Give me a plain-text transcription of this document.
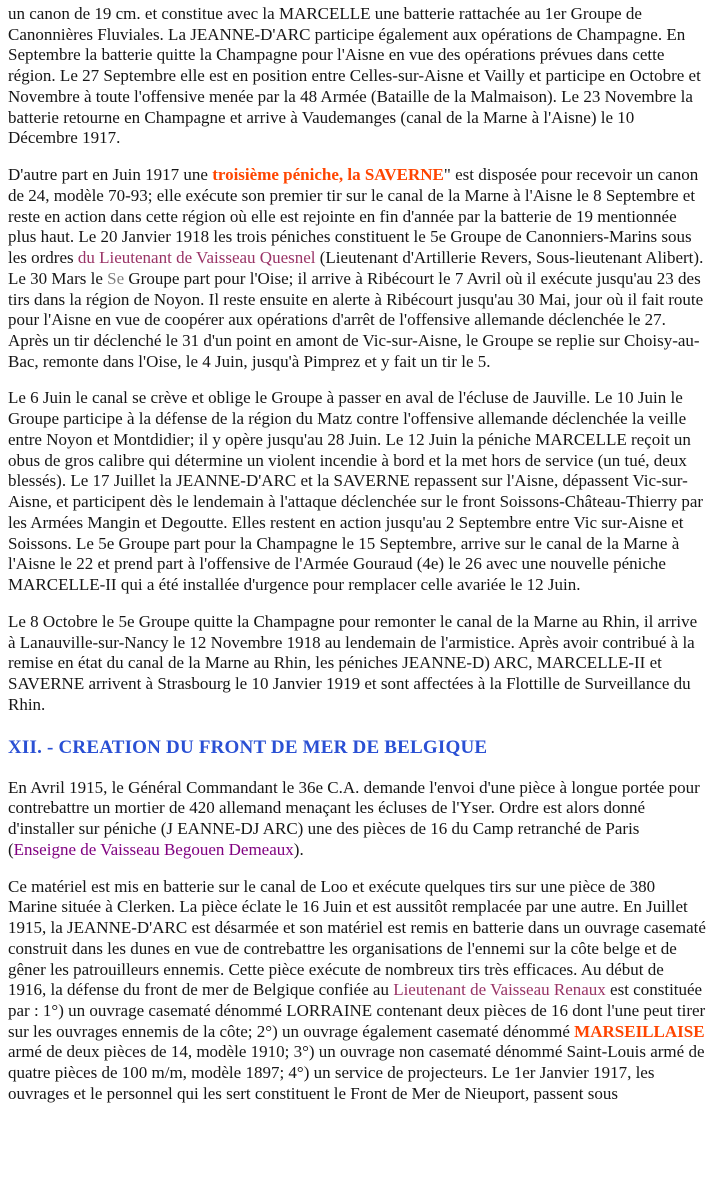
un canon de 19 cm. et constitue avec la MARCELLE une batterie rattachée au 1er Groupe de Canonnières Fluviales. La JEANNE-D'ARC participe également aux opérations de Champagne. En Septembre la batterie quitte la Champagne pour l'Aisne en vue des opérations prévues dans cette région. Le 27 Septembre elle est en position entre Celles-sur-Aisne et Vailly et participe en Octobre et Novembre à toute l'offensive menée par la 48 Armée (Bataille de la Malmaison). Le 23 Novembre la batterie retourne en Champagne et arrive à Vaudemanges (canal de la Marne à l'Aisne) le 10 Décembre 1917.

D'autre part en Juin 1917 une troisième péniche, la SAVERNE" est disposée pour recevoir un canon de 24, modèle 70-93; elle exécute son premier tir sur le canal de la Marne à l'Aisne le 8 Septembre et reste en action dans cette région où elle est rejointe en fin d'année par la batterie de 19 mentionnée plus haut. Le 20 Janvier 1918 les trois péniches constituent le 5e Groupe de Canonniers-Marins sous les ordres du Lieutenant de Vaisseau Quesnel (Lieutenant d'Artillerie Revers, Sous-lieutenant Alibert). Le 30 Mars le Se Groupe part pour l'Oise; il arrive à Ribécourt le 7 Avril où il exécute jusqu'au 23 des tirs dans la région de Noyon. Il reste ensuite en alerte à Ribécourt jusqu'au 30 Mai, jour où il fait route pour l'Aisne en vue de coopérer aux opérations d'arrêt de l'offensive allemande déclenchée le 27. Après un tir déclenché le 31 d'un point en amont de Vic-sur-Aisne, le Groupe se replie sur Choisy-au-Bac, remonte dans l'Oise, le 4 Juin, jusqu'à Pimprez et y fait un tir le 5.

Le 6 Juin le canal se crève et oblige le Groupe à passer en aval de l'écluse de Jauville. Le 10 Juin le Groupe participe à la défense de la région du Matz contre l'offensive allemande déclenchée la veille entre Noyon et Montdidier; il y opère jusqu'au 28 Juin. Le 12 Juin la péniche MARCELLE reçoit un obus de gros calibre qui détermine un violent incendie à bord et la met hors de service (un tué, deux blessés). Le 17 Juillet la JEANNE-D'ARC et la SAVERNE repassent sur l'Aisne, dépassent Vic-sur-Aisne, et participent dès le lendemain à l'attaque déclenchée sur le front Soissons-Château-Thierry par les Armées Mangin et Degoutte. Elles restent en action jusqu'au 2 Septembre entre Vic sur-Aisne et Soissons. Le 5e Groupe part pour la Champagne le 15 Septembre, arrive sur le canal de la Marne à l'Aisne le 22 et prend part à l'offensive de l'Armée Gouraud (4e) le 26 avec une nouvelle péniche MARCELLE-II qui a été installée d'urgence pour remplacer celle avariée le 12 Juin.

Le 8 Octobre le 5e Groupe quitte la Champagne pour remonter le canal de la Marne au Rhin, il arrive à Lanauville-sur-Nancy le 12 Novembre 1918 au lendemain de l'armistice. Après avoir contribué à la remise en état du canal de la Marne au Rhin, les péniches JEANNE-D) ARC, MARCELLE-II et SAVERNE arrivent à Strasbourg le 10 Janvier 1919 et sont affectées à la Flottille de Surveillance du Rhin.

XII. - CREATION DU FRONT DE MER DE BELGIQUE

En Avril 1915, le Général Commandant le 36e C.A. demande l'envoi d'une pièce à longue portée pour contrebattre un mortier de 420 allemand menaçant les écluses de l'Yser. Ordre est alors donné d'installer sur péniche (J EANNE-DJ ARC) une des pièces de 16 du Camp retranché de Paris (Enseigne de Vaisseau Begouen Demeaux).

Ce matériel est mis en batterie sur le canal de Loo et exécute quelques tirs sur une pièce de 380 Marine située à Clerken. La pièce éclate le 16 Juin et est aussitôt remplacée par une autre. En Juillet 1915, la JEANNE-D'ARC est désarmée et son matériel est remis en batterie dans un ouvrage casematé construit dans les dunes en vue de contrebattre les organisations de l'ennemi sur la côte belge et de gêner les patrouilleurs ennemis. Cette pièce exécute de nombreux tirs très efficaces. Au début de 1916, la défense du front de mer de Belgique confiée au Lieutenant de Vaisseau Renaux est constituée par : 1°) un ouvrage casematé dénommé LORRAINE contenant deux pièces de 16 dont l'une peut tirer sur les ouvrages ennemis de la côte; 2°) un ouvrage également casematé dénommé MARSEILLAISE armé de deux pièces de 14, modèle 1910; 3°) un ouvrage non casematé dénommé Saint-Louis armé de quatre pièces de 100 m/m, modèle 1897; 4°) un service de projecteurs. Le 1er Janvier 1917, les ouvrages et le personnel qui les sert constituent le Front de Mer de Nieuport, passent sous
